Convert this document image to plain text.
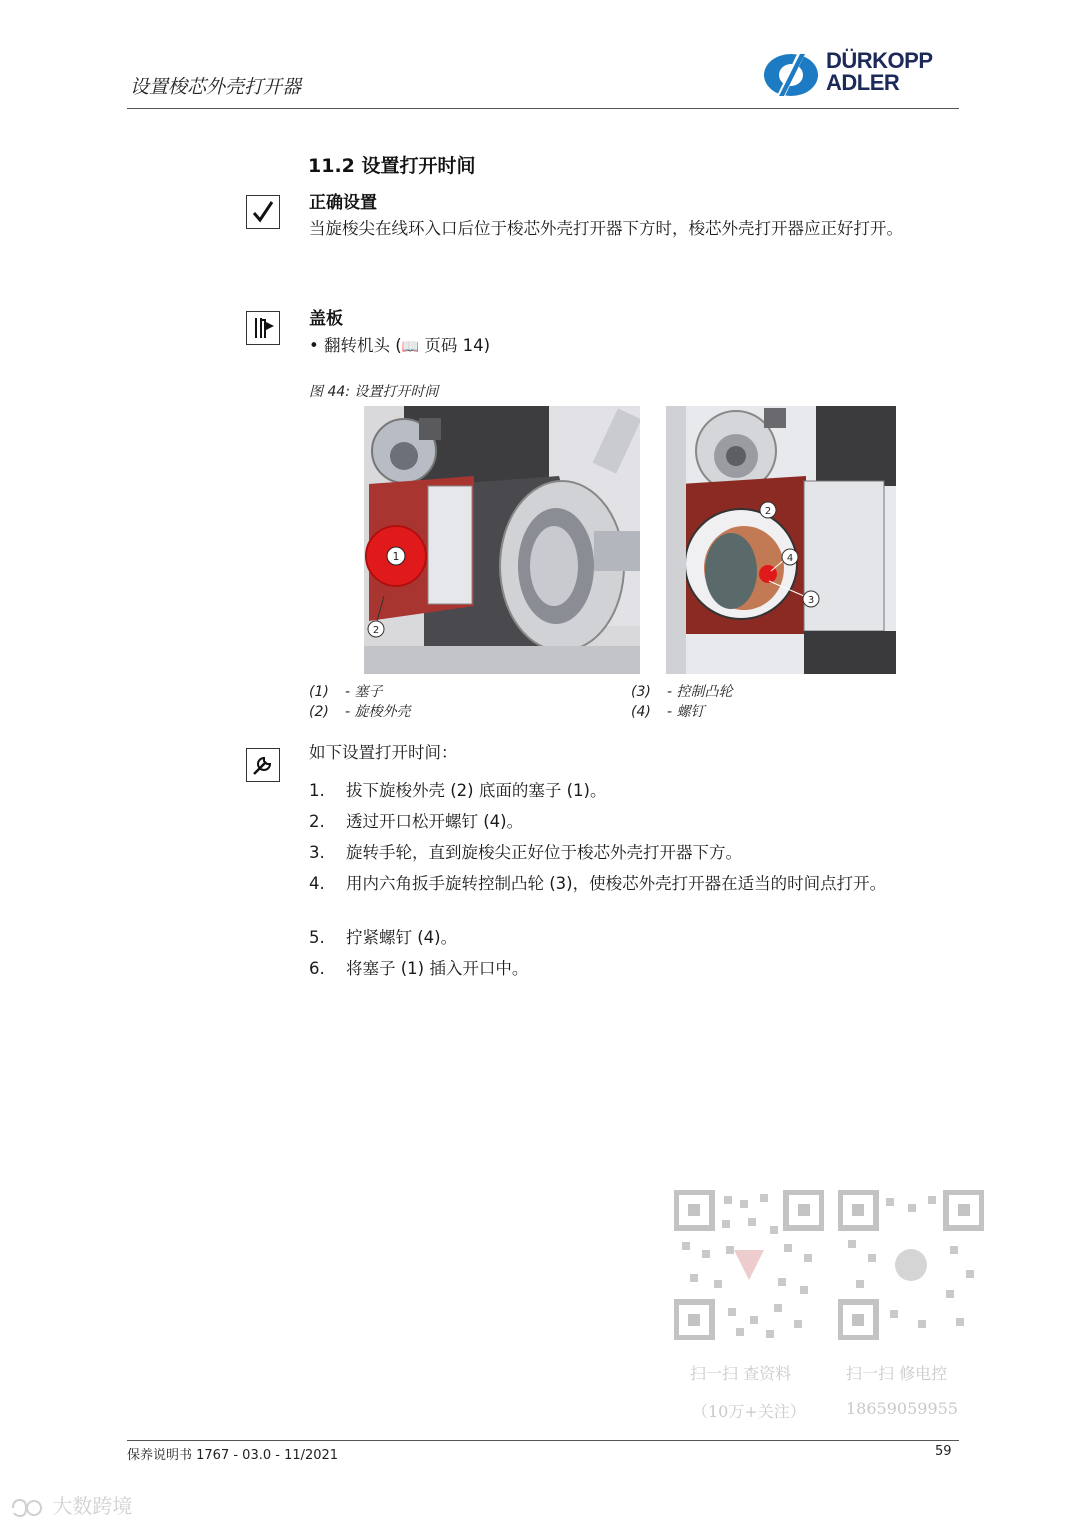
设置梭芯外壳打开器
DÜRKOPP
ADLER
11.2 设置打开时间
正确设置
当旋梭尖在线环入口后位于梭芯外壳打开器下方时，梭芯外壳打开器应正好打开。
盖板
• 翻转机头 (📖 页码 14)
图 44: 设置打开时间
1
2
2
4
3
(1) - 塞子
(2) - 旋梭外壳
(3) - 控制凸轮
(4) - 螺钉
如下设置打开时间：
1.	拔下旋梭外壳 (2) 底面的塞子 (1)。
2.	透过开口松开螺钉 (4)。
3.	旋转手轮，直到旋梭尖正好位于梭芯外壳打开器下方。
4.	用内六角扳手旋转控制凸轮 (3)，使梭芯外壳打开器在适当的时间点打开。
5.	拧紧螺钉 (4)。
6.	将塞子 (1) 插入开口中。
扫一扫 查资料
（10万+关注）
扫一扫 修电控
18659059955
保养说明书 1767 - 03.0 - 11/2021	59
大数跨境
